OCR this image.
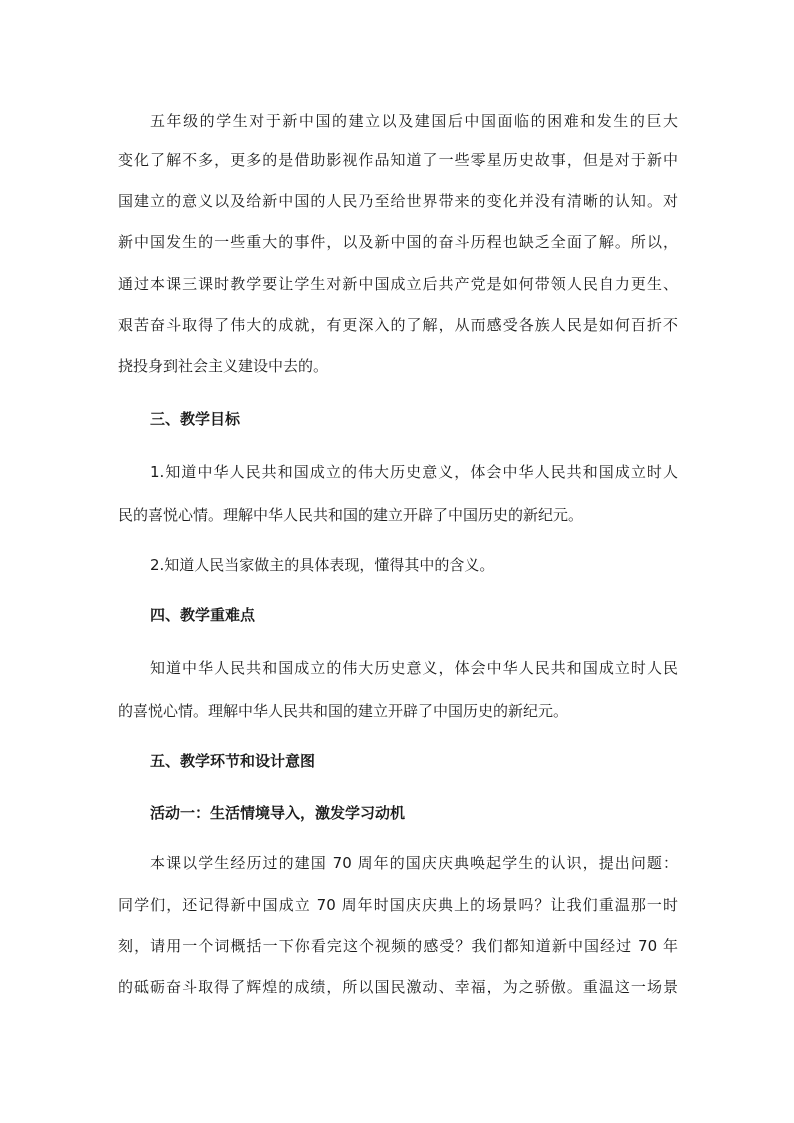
五年级的学生对于新中国的建立以及建国后中国面临的困难和发生的巨大
变化了解不多，更多的是借助影视作品知道了一些零星历史故事，但是对于新中
国建立的意义以及给新中国的人民乃至给世界带来的变化并没有清晰的认知。对
新中国发生的一些重大的事件，以及新中国的奋斗历程也缺乏全面了解。所以，
通过本课三课时教学要让学生对新中国成立后共产党是如何带领人民自力更生、
艰苦奋斗取得了伟大的成就，有更深入的了解，从而感受各族人民是如何百折不
挠投身到社会主义建设中去的。
三、教学目标
1.知道中华人民共和国成立的伟大历史意义，体会中华人民共和国成立时人
民的喜悦心情。理解中华人民共和国的建立开辟了中国历史的新纪元。
2.知道人民当家做主的具体表现，懂得其中的含义。
四、教学重难点
知道中华人民共和国成立的伟大历史意义，体会中华人民共和国成立时人民
的喜悦心情。理解中华人民共和国的建立开辟了中国历史的新纪元。
五、教学环节和设计意图
活动一：生活情境导入，激发学习动机
本课以学生经历过的建国 70 周年的国庆庆典唤起学生的认识，提出问题：
同学们，还记得新中国成立 70 周年时国庆庆典上的场景吗？让我们重温那一时
刻，请用一个词概括一下你看完这个视频的感受？我们都知道新中国经过 70 年
的砥砺奋斗取得了辉煌的成绩，所以国民激动、幸福，为之骄傲。重温这一场景
